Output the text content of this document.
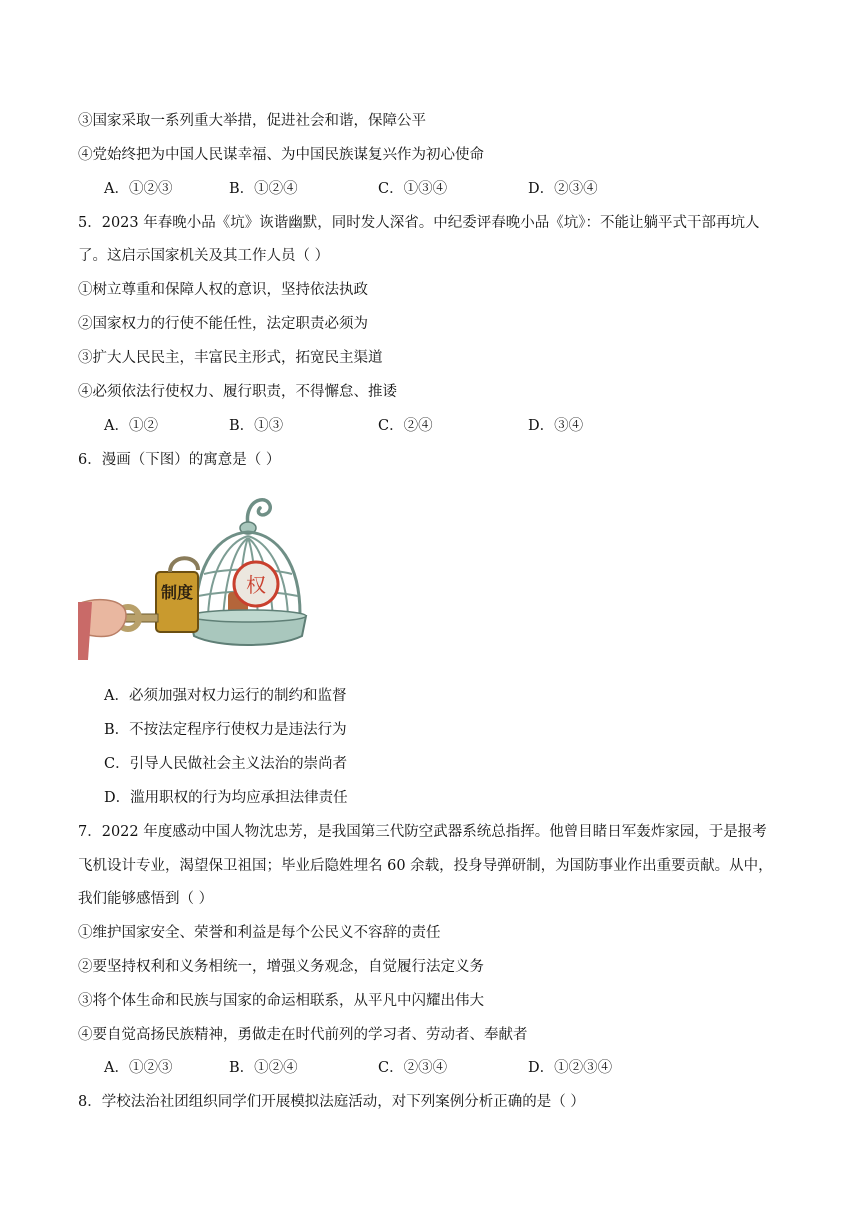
③国家采取一系列重大举措，促进社会和谐，保障公平
④党始终把为中国人民谋幸福、为中国民族谋复兴作为初心使命
A．①②③	B．①②④	C．①③④	D．②③④
5．2023 年春晚小品《坑》诙谐幽默，同时发人深省。中纪委评春晚小品《坑》：不能让躺平式干部再坑人
了。这启示国家机关及其工作人员（ ）
①树立尊重和保障人权的意识，坚持依法执政
②国家权力的行使不能任性，法定职责必须为
③扩大人民民主，丰富民主形式，拓宽民主渠道
④必须依法行使权力、履行职责，不得懈怠、推诿
A．①②	B．①③	C．②④	D．③④
6．漫画（下图）的寓意是（ ）
权
制度
A．必须加强对权力运行的制约和监督
B．不按法定程序行使权力是违法行为
C．引导人民做社会主义法治的崇尚者
D．滥用职权的行为均应承担法律责任
7．2022 年度感动中国人物沈忠芳，是我国第三代防空武器系统总指挥。他曾目睹日军轰炸家园，于是报考
飞机设计专业，渴望保卫祖国；毕业后隐姓埋名 60 余载，投身导弹研制，为国防事业作出重要贡献。从中，
我们能够感悟到（ ）
①维护国家安全、荣誉和利益是每个公民义不容辞的责任
②要坚持权利和义务相统一，增强义务观念，自觉履行法定义务
③将个体生命和民族与国家的命运相联系，从平凡中闪耀出伟大
④要自觉高扬民族精神，勇做走在时代前列的学习者、劳动者、奉献者
A．①②③	B．①②④	C．②③④	D．①②③④
8．学校法治社团组织同学们开展模拟法庭活动，对下列案例分析正确的是（ ）
